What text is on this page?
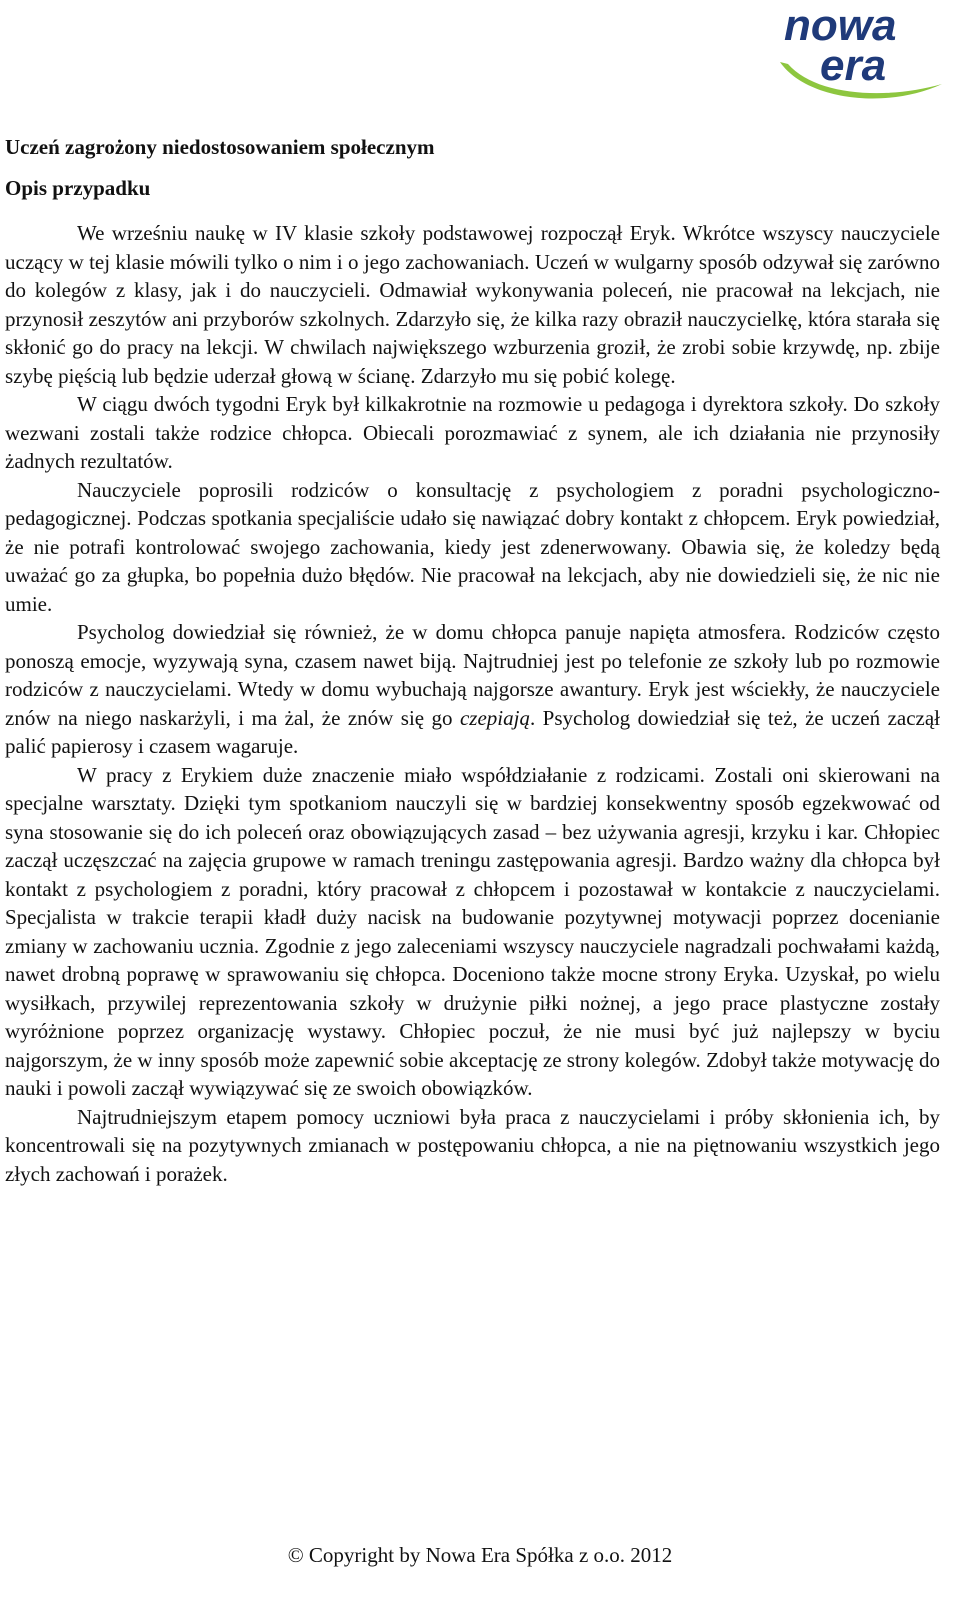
nowa
era
Uczeń zagrożony niedostosowaniem społecznym
Opis przypadku

We wrześniu naukę w IV klasie szkoły podstawowej rozpoczął Eryk. Wkrótce wszyscy nauczyciele uczący w tej klasie mówili tylko o nim i o jego zachowaniach. Uczeń w wulgarny sposób odzywał się zarówno do kolegów z klasy, jak i do nauczycieli. Odmawiał wykonywania poleceń, nie pracował na lekcjach, nie przynosił zeszytów ani przyborów szkolnych. Zdarzyło się, że kilka razy obraził nauczycielkę, która starała się skłonić go do pracy na lekcji. W chwilach największego wzburzenia groził, że zrobi sobie krzywdę, np. zbije szybę pięścią lub będzie uderzał głową w ścianę. Zdarzyło mu się pobić kolegę.

W ciągu dwóch tygodni Eryk był kilkakrotnie na rozmowie u pedagoga i dyrektora szkoły. Do szkoły wezwani zostali także rodzice chłopca. Obiecali porozmawiać z synem, ale ich działania nie przynosiły żadnych rezultatów.

Nauczyciele poprosili rodziców o konsultację z psychologiem z poradni psychologiczno-pedagogicznej. Podczas spotkania specjaliście udało się nawiązać dobry kontakt z chłopcem. Eryk powiedział, że nie potrafi kontrolować swojego zachowania, kiedy jest zdenerwowany. Obawia się, że koledzy będą uważać go za głupka, bo popełnia dużo błędów. Nie pracował na lekcjach, aby nie dowiedzieli się, że nic nie umie.

Psycholog dowiedział się również, że w domu chłopca panuje napięta atmosfera. Rodziców często ponoszą emocje, wyzywają syna, czasem nawet biją. Najtrudniej jest po telefonie ze szkoły lub po rozmowie rodziców z nauczycielami. Wtedy w domu wybuchają najgorsze awantury. Eryk jest wściekły, że nauczyciele znów na niego naskarżyli, i ma żal, że znów się go czepiają. Psycholog dowiedział się też, że uczeń zaczął palić papierosy i czasem wagaruje.

W pracy z Erykiem duże znaczenie miało współdziałanie z rodzicami. Zostali oni skierowani na specjalne warsztaty. Dzięki tym spotkaniom nauczyli się w bardziej konsekwentny sposób egzekwować od syna stosowanie się do ich poleceń oraz obowiązujących zasad – bez używania agresji, krzyku i kar. Chłopiec zaczął uczęszczać na zajęcia grupowe w ramach treningu zastępowania agresji. Bardzo ważny dla chłopca był kontakt z psychologiem z poradni, który pracował z chłopcem i pozostawał w kontakcie z nauczycielami. Specjalista w trakcie terapii kładł duży nacisk na budowanie pozytywnej motywacji poprzez docenianie zmiany w zachowaniu ucznia. Zgodnie z jego zaleceniami wszyscy nauczyciele nagradzali pochwałami każdą, nawet drobną poprawę w sprawowaniu się chłopca. Doceniono także mocne strony Eryka. Uzyskał, po wielu wysiłkach, przywilej reprezentowania szkoły w drużynie piłki nożnej, a jego prace plastyczne zostały wyróżnione poprzez organizację wystawy. Chłopiec poczuł, że nie musi być już najlepszy w byciu najgorszym, że w inny sposób może zapewnić sobie akceptację ze strony kolegów. Zdobył także motywację do nauki i powoli zaczął wywiązywać się ze swoich obowiązków.

Najtrudniejszym etapem pomocy uczniowi była praca z nauczycielami i próby skłonienia ich, by koncentrowali się na pozytywnych zmianach w postępowaniu chłopca, a nie na piętnowaniu wszystkich jego złych zachowań i porażek.

© Copyright by Nowa Era Spółka z o.o. 2012
